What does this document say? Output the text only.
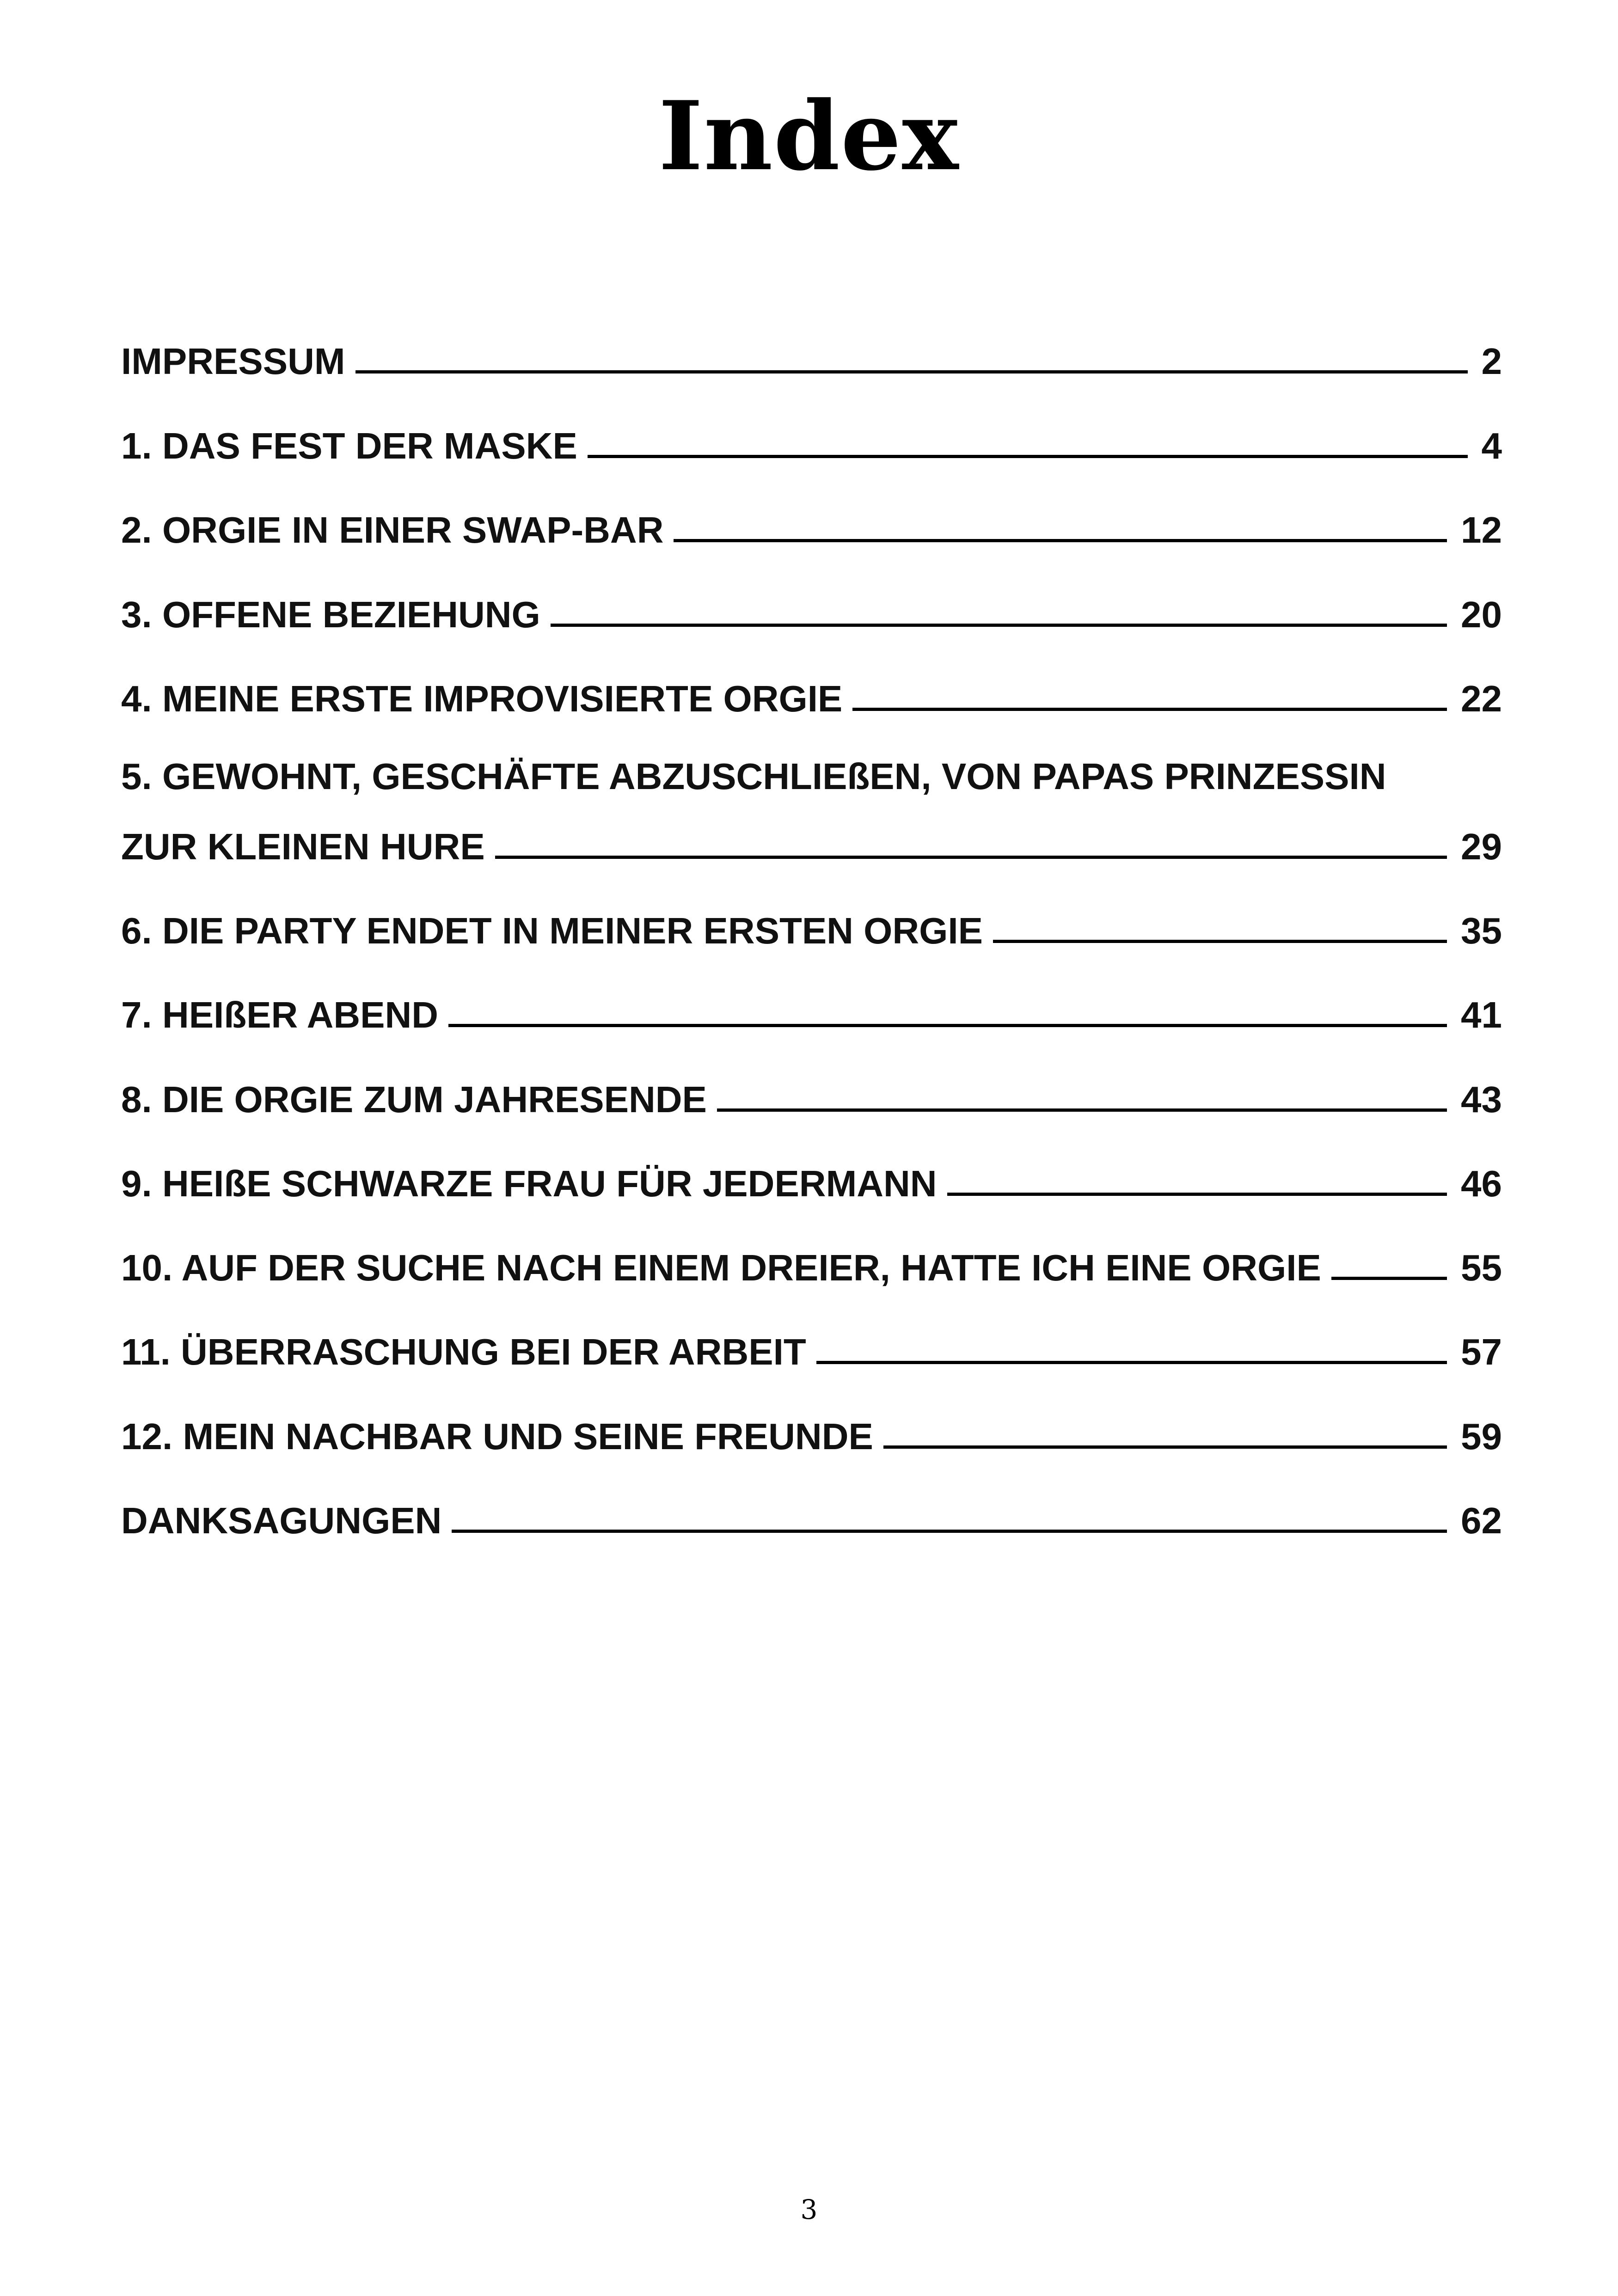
Index
IMPRESSUM	2
1. DAS FEST DER MASKE	4
2. ORGIE IN EINER SWAP-BAR	12
3. OFFENE BEZIEHUNG	20
4. MEINE ERSTE IMPROVISIERTE ORGIE	22
5. GEWOHNT, GESCHÄFTE ABZUSCHLIEßEN, VON PAPAS PRINZESSIN
ZUR KLEINEN HURE	29
6. DIE PARTY ENDET IN MEINER ERSTEN ORGIE	35
7. HEIßER ABEND	41
8. DIE ORGIE ZUM JAHRESENDE	43
9. HEIßE SCHWARZE FRAU FÜR JEDERMANN	46
10. AUF DER SUCHE NACH EINEM DREIER, HATTE ICH EINE ORGIE	55
11. ÜBERRASCHUNG BEI DER ARBEIT	57
12. MEIN NACHBAR UND SEINE FREUNDE	59
DANKSAGUNGEN	62
3
